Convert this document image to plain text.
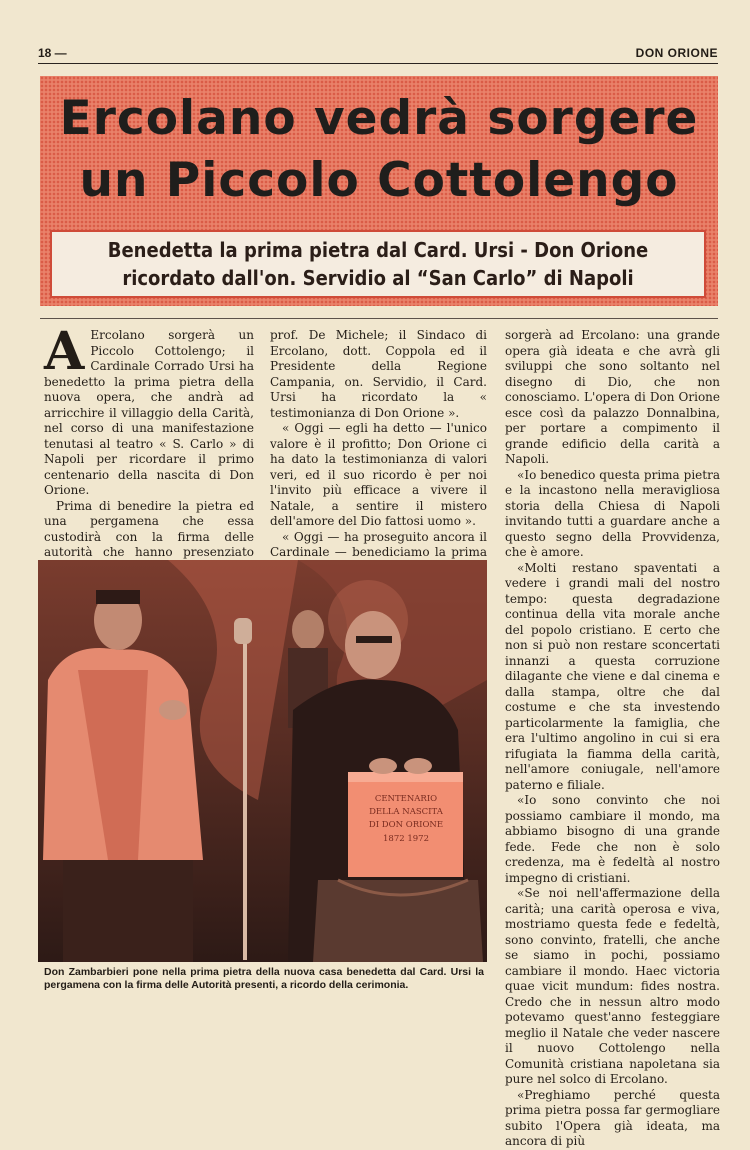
18 —	DON ORIONE
Ercolano vedrà sorgere
un Piccolo Cottolengo
Benedetta la prima pietra dal Card. Ursi - Don Orione
ricordato dall'on. Servidio al “San Carlo” di Napoli

A Ercolano sorgerà un Piccolo Cottolengo; il Cardinale Corrado Ursi ha benedetto la prima pietra della nuova opera, che andrà ad arricchire il villaggio della Carità, nel corso di una manifestazione tenutasi al teatro « S. Carlo » di Napoli per ricordare il primo centenario della nascita di Don Orione.

Prima di benedire la pietra ed una pergamena che essa custodirà con la firma delle autorità che hanno presenziato

prof. De Michele; il Sindaco di Ercolano, dott. Coppola ed il Presidente della Regione Campania, on. Servidio, il Card. Ursi ha ricordato la « testimonianza di Don Orione ».

« Oggi — egli ha detto — l'unico valore è il profitto; Don Orione ci ha dato la testimonianza di valori veri, ed il suo ricordo è per noi l'invito più efficace a vivere il Natale, a sentire il mistero dell'amore del Dio fattosi uomo ».

« Oggi — ha proseguito ancora il Cardinale — benediciamo la prima

sorgerà ad Ercolano: una grande opera già ideata e che avrà gli sviluppi che sono soltanto nel disegno di Dio, che non conosciamo. L'opera di Don Orione esce così da palazzo Donnalbina, per portare a compimento il grande edificio della carità a Napoli.

«Io benedico questa prima pietra e la incastono nella meravigliosa storia della Chiesa di Napoli invitando tutti a guardare anche a questo segno della Provvidenza, che è amore.

«Molti restano spaventati a vedere i grandi mali del nostro tempo: questa degradazione continua della vita morale anche del popolo cristiano. E certo che non si può non restare sconcertati innanzi a questa corruzione dilagante che viene e dal cinema e dalla stampa, oltre che dal costume e che sta investendo particolarmente la famiglia, che era l'ultimo angolino in cui si era rifugiata la fiamma della carità, nell'amore coniugale, nell'amore paterno e filiale.

«Io sono convinto che noi possiamo cambiare il mondo, ma abbiamo bisogno di una grande fede. Fede che non è solo credenza, ma è fedeltà al nostro impegno di cristiani.

«Se noi nell'affermazione della carità; una carità operosa e viva, mostriamo questa fede e fedeltà, sono convinto, fratelli, che anche se siamo in pochi, possiamo cambiare il mondo. Haec victoria quae vicit mundum: fides nostra. Credo che in nessun altro modo potevamo quest'anno festeggiare meglio il Natale che veder nascere il nuovo Cottolengo nella Comunità cristiana napoletana sia pure nel solco di Ercolano.

«Preghiamo perché questa prima pietra possa far germogliare subito l'Opera già ideata, ma ancora di più

CENTENARIO
DELLA NASCITA
DI DON ORIONE
1872 1972

Don Zambarbieri pone nella prima pietra della nuova casa benedetta dal Card. Ursi la pergamena con la firma delle Autorità presenti, a ricordo della cerimonia.
